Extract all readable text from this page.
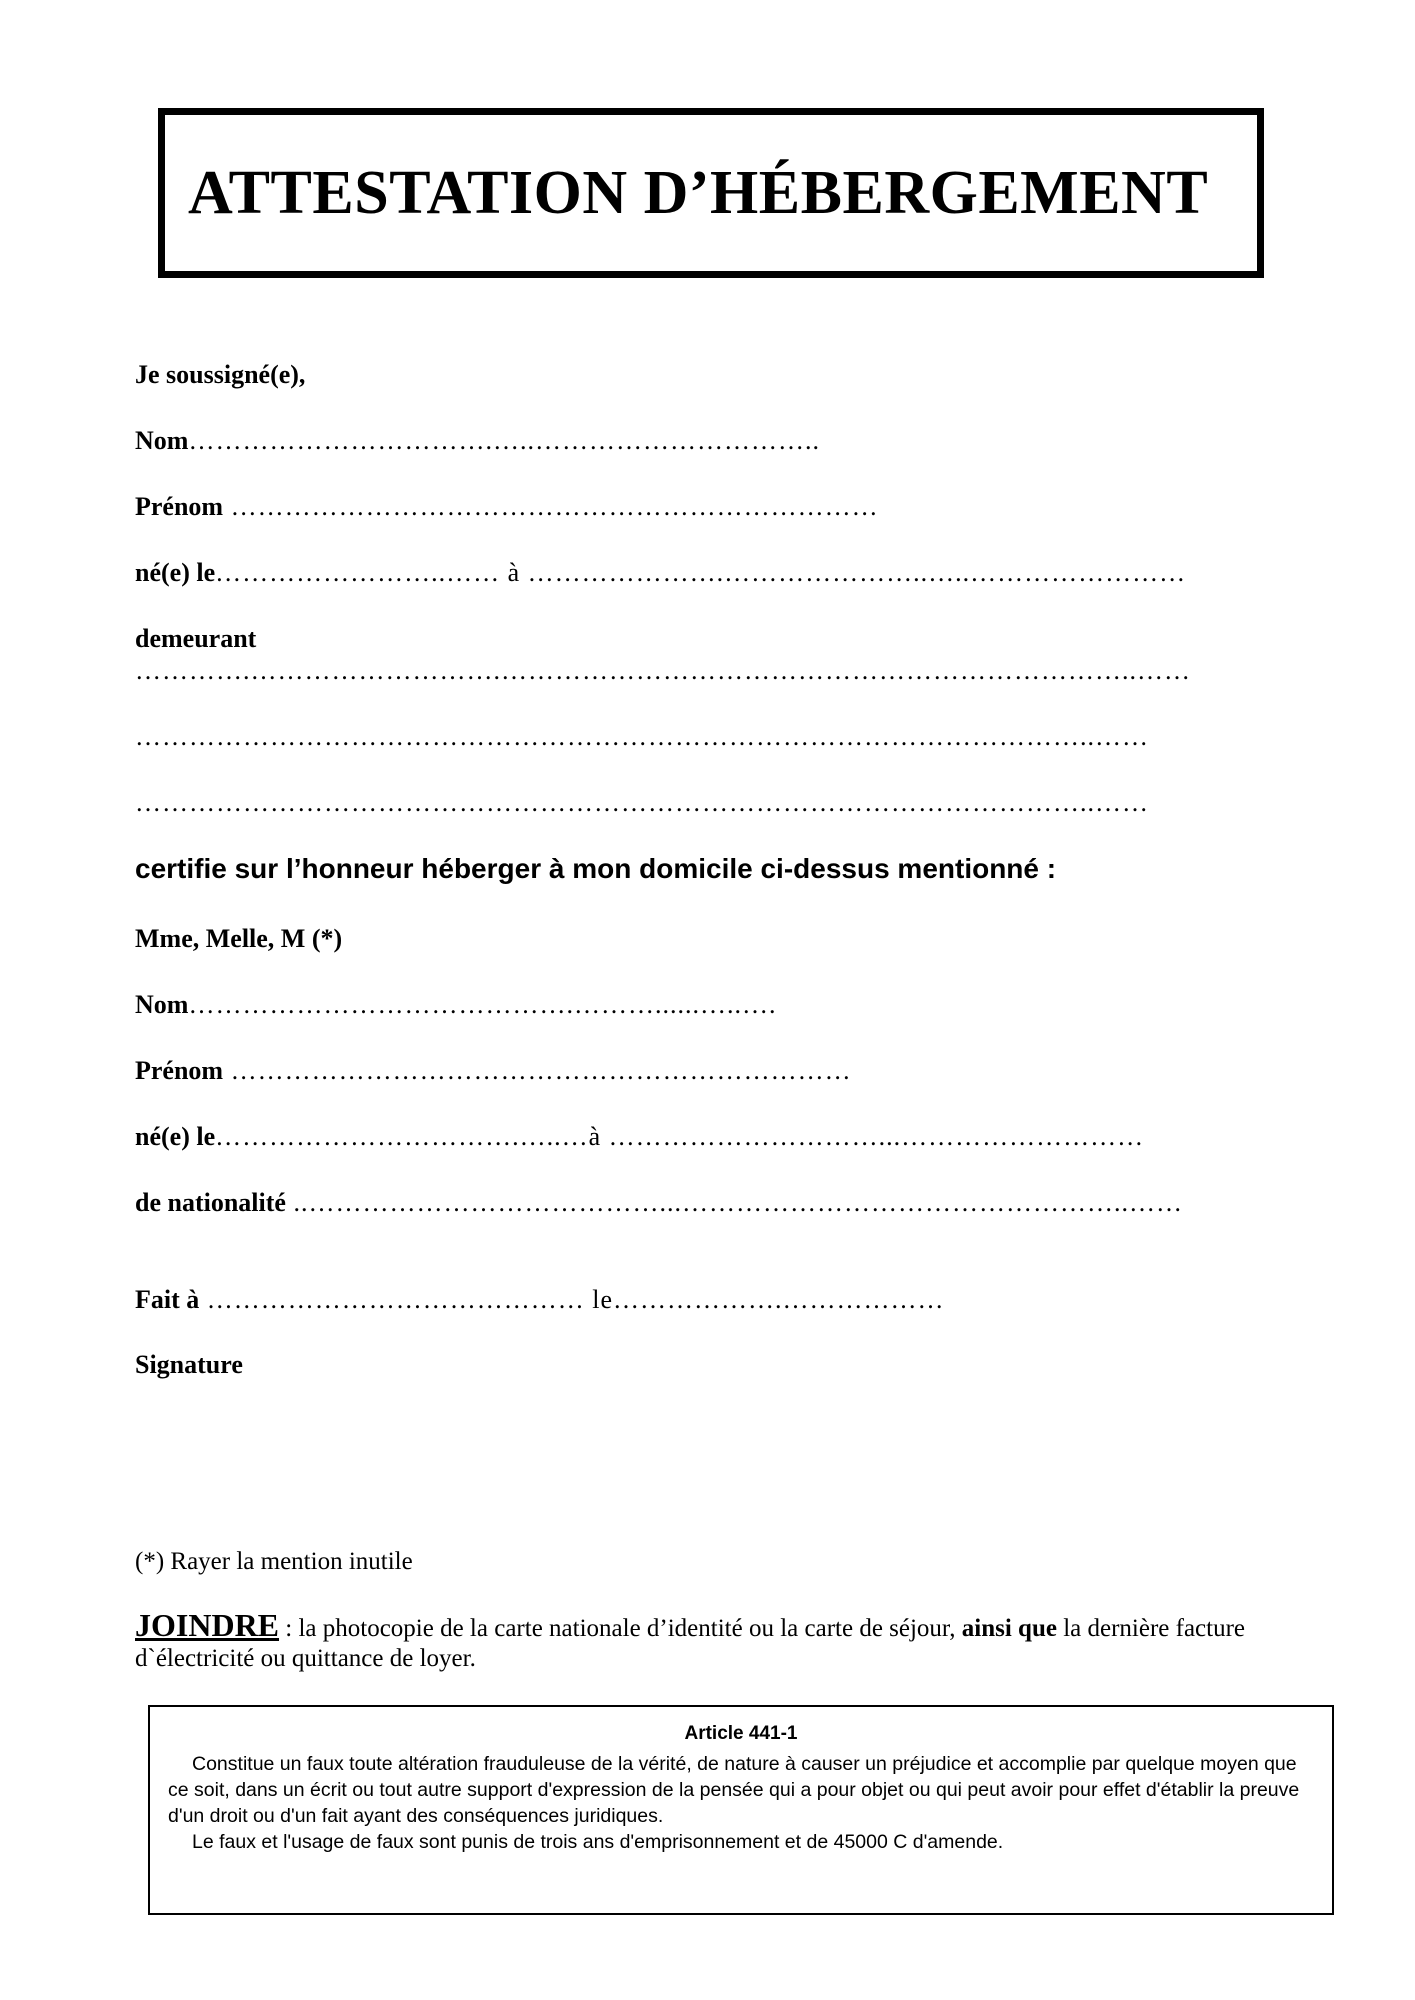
ATTESTATION D’HÉBERGEMENT
Je soussigné(e),
Nom…………………………….…..…………………………..
Prénom ………………………………………………………………
né(e) le……………………..…… à ………………….…………………..…..……………………
demeurant
………….……………………….……………………………………………………………..……
……………………………………………………………………………………………..……
……………………………………………………………………………………………..……
certifie sur l’honneur héberger à mon domicile ci-dessus mentionné :
Mme, Melle, M (*)
Nom…………………………………….………......…..….
Prénom ……………………………………………………………
né(e) le…………………………….…..…à …………………………...………………………
de nationalité ..…………………………………...…………………………………………..……
Fait à …………………………………… le……………….………………
Signature
(*) Rayer la mention inutile
JOINDRE : la photocopie de la carte nationale d’identité ou la carte de séjour, ainsi que la dernière facture d`électricité ou quittance de loyer.
Article 441-1

Constitue un faux toute altération frauduleuse de la vérité, de nature à causer un préjudice et accomplie par quelque moyen que ce soit, dans un écrit ou tout autre support d'expression de la pensée qui a pour objet ou qui peut avoir pour effet d'établir la preuve d'un droit ou d'un fait ayant des conséquences juridiques.

Le faux et l'usage de faux sont punis de trois ans d'emprisonnement et de 45000 C d'amende.
